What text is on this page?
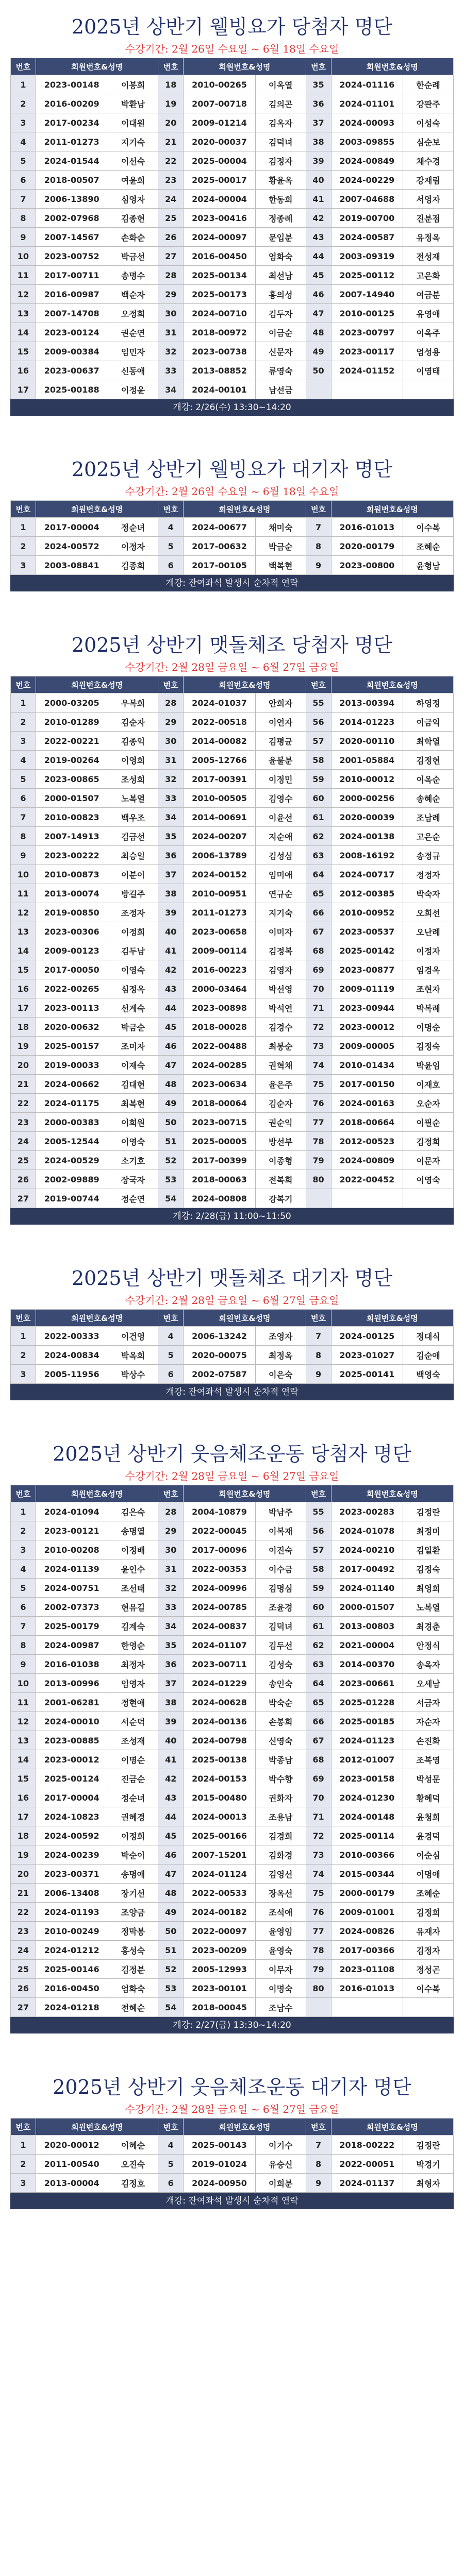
2025년 상반기 웰빙요가 당첨자 명단
수강기간: 2월 26일 수요일 ~ 6월 18일 수요일
번호	회원번호&성명		번호	회원번호&성명		번호	회원번호&성명	
1	2023-00148	이봉희	18	2010-00265	이옥열	35	2024-01116	한순례
2	2016-00209	박환남	19	2007-00718	김의곤	36	2024-01101	강판주
3	2017-00234	이대원	20	2009-01214	김옥자	37	2024-00093	이성숙
4	2011-01273	지기숙	21	2020-00037	김덕녀	38	2003-09855	심순보
5	2024-01544	이선숙	22	2025-00004	김정자	39	2024-00849	채수경
6	2018-00507	여윤희	23	2025-00017	황윤옥	40	2024-00229	강재림
7	2006-13890	심영자	24	2024-00004	한동희	41	2007-04688	서영자
8	2002-07968	김종현	25	2023-00416	정종례	42	2019-00700	진분점
9	2007-14567	손화순	26	2024-00097	문입분	43	2024-00587	유정옥
10	2023-00752	박금선	27	2016-00450	엄화숙	44	2003-09319	전성재
11	2017-00711	송명수	28	2025-00134	최선남	45	2025-00112	고은화
12	2016-00987	백순자	29	2025-00173	홍의성	46	2007-14940	여금분
13	2007-14708	오정희	30	2024-00710	김두자	47	2010-00125	유영애
14	2023-00124	권순연	31	2018-00972	이금순	48	2023-00797	이옥주
15	2009-00384	임민자	32	2023-00738	신문자	49	2023-00117	엄성용
16	2023-00637	신동애	33	2013-08852	류영숙	50	2024-01152	이영태
17	2025-00188	이정윤	34	2024-00101	남선금			
개강: 2/26(수) 13:30~14:20
2025년 상반기 웰빙요가 대기자 명단
수강기간: 2월 26일 수요일 ~ 6월 18일 수요일
번호	회원번호&성명		번호	회원번호&성명		번호	회원번호&성명	
1	2017-00004	정순녀	4	2024-00677	채미숙	7	2016-01013	이수복
2	2024-00572	이정자	5	2017-00632	박금순	8	2020-00179	조혜순
3	2003-08841	김종희	6	2017-00105	백복현	9	2023-00800	윤형남
개강: 잔여좌석 발생시 순차적 연락
2025년 상반기 맷돌체조 당첨자 명단
수강기간: 2월 28일 금요일 ~ 6월 27일 금요일
번호	회원번호&성명		번호	회원번호&성명		번호	회원번호&성명	
1	2000-03205	우복희	28	2024-01037	안희자	55	2013-00394	하영정
2	2010-01289	김순자	29	2022-00518	이연자	56	2014-01223	이금익
3	2022-00221	김종익	30	2014-00082	김평균	57	2020-00110	최학열
4	2019-00264	이영희	31	2005-12766	윤불분	58	2001-05884	김정현
5	2023-00865	조성희	32	2017-00391	이정민	59	2010-00012	이옥순
6	2000-01507	노복열	33	2010-00505	김영수	60	2000-00256	송혜순
7	2010-00823	백우조	34	2014-00691	이윤선	61	2020-00039	조남례
8	2007-14913	김금선	35	2024-00207	지순애	62	2024-00138	고은순
9	2023-00222	최승일	36	2006-13789	김성심	63	2008-16192	송정규
10	2010-00873	이분이	37	2024-00152	임미애	64	2024-00717	정정자
11	2013-00074	방길주	38	2010-00951	연규순	65	2012-00385	박숙자
12	2019-00850	조정자	39	2011-01273	지기숙	66	2010-00952	오희선
13	2023-00306	이정희	40	2023-00658	이미자	67	2023-00537	오난례
14	2009-00123	김두남	41	2009-00114	김정복	68	2025-00142	이정자
15	2017-00050	이영숙	42	2016-00223	김영자	69	2023-00877	임경옥
16	2022-00265	심정옥	43	2000-03464	박선영	70	2009-01119	조현자
17	2023-00113	선계숙	44	2023-00898	박석연	71	2023-00944	박복례
18	2020-00632	박금순	45	2018-00028	김경수	72	2023-00012	이명순
19	2025-00157	조미자	46	2022-00488	최봉순	73	2009-00005	김정숙
20	2019-00033	이재숙	47	2024-00285	권혁채	74	2010-01434	박윤임
21	2024-00662	김대현	48	2023-00634	윤은주	75	2017-00150	이재호
22	2024-01175	최복현	49	2018-00064	김순자	76	2024-00163	오순자
23	2000-00383	이희원	50	2023-00715	권순익	77	2018-00664	이필순
24	2005-12544	이영숙	51	2025-00005	방선부	78	2012-00523	김정희
25	2024-00529	소기호	52	2017-00399	이종형	79	2024-00809	이문자
26	2002-09889	장국자	53	2018-00063	전복희	80	2022-00452	이영숙
27	2019-00744	정순연	54	2024-00808	강복기			
개강: 2/28(금) 11:00~11:50
2025년 상반기 맷돌체조 대기자 명단
수강기간: 2월 28일 금요일 ~ 6월 27일 금요일
번호	회원번호&성명		번호	회원번호&성명		번호	회원번호&성명	
1	2022-00333	이건영	4	2006-13242	조영자	7	2024-00125	정대식
2	2024-00834	박옥희	5	2020-00075	최정옥	8	2023-01027	김순애
3	2005-11956	박상수	6	2002-07587	이은숙	9	2025-00141	백영숙
개강: 잔여좌석 발생시 순차적 연락
2025년 상반기 웃음체조운동 당첨자 명단
수강기간: 2월 28일 금요일 ~ 6월 27일 금요일
번호	회원번호&성명		번호	회원번호&성명		번호	회원번호&성명	
1	2024-01094	김은숙	28	2004-10879	박남주	55	2023-00283	김정란
2	2023-00121	송명열	29	2022-00045	이복재	56	2024-01078	최정미
3	2010-00208	이정배	30	2017-00096	이진숙	57	2024-00210	김일환
4	2024-01139	윤인수	31	2022-00353	이수금	58	2017-00492	김정숙
5	2024-00751	조선태	32	2024-00996	김명심	59	2024-01140	최영희
6	2002-07373	현유길	33	2024-00785	조윤경	60	2000-01507	노복열
7	2025-00179	김계숙	34	2024-00837	김덕녀	61	2013-00803	최경춘
8	2024-00987	한영순	35	2024-01107	김두선	62	2021-00004	안정식
9	2016-01038	최정자	36	2023-00711	김성숙	63	2014-00370	송옥자
10	2013-00996	임영자	37	2024-01229	송인숙	64	2023-00661	오세남
11	2001-06281	정현애	38	2024-00628	박숙순	65	2025-01228	서금자
12	2024-00010	서순덕	39	2024-00136	손봉희	66	2025-00185	자순자
13	2023-00885	조성재	40	2024-00798	신영숙	67	2024-01123	손진화
14	2023-00012	이명순	41	2025-00138	박종남	68	2012-01007	조복영
15	2025-00124	진금순	42	2024-00153	박수향	69	2023-00158	박성문
16	2017-00004	정순녀	43	2015-00480	권화자	70	2024-01230	황혜덕
17	2024-10823	권혜경	44	2024-00013	조용남	71	2024-00148	윤청희
18	2024-00592	이정희	45	2025-00166	김경희	72	2025-00114	윤경덕
19	2024-00239	박순이	46	2007-15201	김화경	73	2010-00366	이순심
20	2023-00371	송명애	47	2024-01124	김영선	74	2015-00344	이명애
21	2006-13408	장기선	48	2022-00533	장옥선	75	2000-00179	조혜순
22	2024-01193	조양금	49	2024-00182	조석애	76	2009-01001	김정희
23	2010-00249	정막봉	50	2022-00097	윤영임	77	2024-00826	유재자
24	2024-01212	홍성숙	51	2023-00209	윤영숙	78	2017-00366	김정자
25	2025-00146	김정분	52	2005-12993	이무자	79	2023-01108	정성곤
26	2016-00450	엄화숙	53	2023-00101	이명숙	80	2016-01013	이수복
27	2024-01218	전혜순	54	2018-00045	조남수			
개강: 2/27(금) 13:30~14:20
2025년 상반기 웃음체조운동 대기자 명단
수강기간: 2월 28일 금요일 ~ 6월 27일 금요일
번호	회원번호&성명		번호	회원번호&성명		번호	회원번호&성명	
1	2020-00012	이혜순	4	2025-00143	이기수	7	2018-00222	김정란
2	2011-00540	오진숙	5	2019-01024	유승신	8	2022-00051	박경기
3	2013-00004	김정호	6	2024-00950	이희분	9	2024-01137	최형자
개강: 잔여좌석 발생시 순차적 연락
